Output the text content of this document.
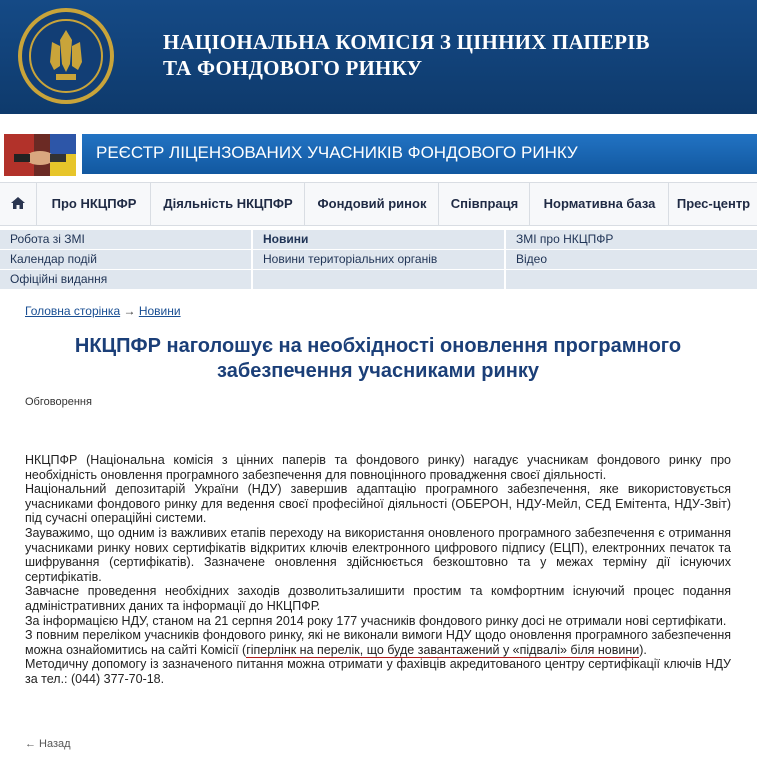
НАЦІОНАЛЬНА КОМІСІЯ З ЦІННИХ ПАПЕРІВ
ТА ФОНДОВОГО РИНКУ
РЕЄСТР ЛІЦЕНЗОВАНИХ УЧАСНИКІВ ФОНДОВОГО РИНКУ
Про НКЦПФР	Діяльність НКЦПФР	Фондовий ринок	Співпраця	Нормативна база	Прес-центр
Робота зі ЗМІ	Новини	ЗМІ про НКЦПФР
Календар подій	Новини територіальних органів	Відео
Офіційні видання
Головна сторінка → Новини
НКЦПФР наголошує на необхідності оновлення програмного забезпечення учасниками ринку
Обговорення

НКЦПФР (Національна комісія з цінних паперів та фондового ринку) нагадує учасникам фондового ринку про необхідність оновлення програмного забезпечення для повноцінного провадження своєї діяльності.

Національний депозитарій України (НДУ) завершив адаптацію програмного забезпечення, яке використовується учасниками фондового ринку для ведення своєї професійної діяльності (ОБЕРОН, НДУ-Мейл, СЕД Емітента, НДУ-Звіт) під сучасні операційні системи.

Зауважимо, що одним із важливих етапів переходу на використання оновленого програмного забезпечення є отримання учасниками ринку нових сертифікатів відкритих ключів електронного цифрового підпису (ЕЦП), електронних печаток та шифрування (сертифікатів). Зазначене оновлення здійснюється безкоштовно та у межах терміну дії існуючих сертифікатів.

Завчасне проведення необхідних заходів дозволитьзалишити простим та комфортним існуючий процес подання адміністративних даних та інформації до НКЦПФР.

За інформацією НДУ, станом на 21 серпня 2014 року 177 учасників фондового ринку досі не отримали нові сертифікати.

З повним переліком учасників фондового ринку, які не виконали вимоги НДУ щодо оновлення програмного забезпечення можна ознайомитись на сайті Комісії (гіперлінк на перелік, що буде завантажений у «підвалі» біля новини).

Методичну допомогу із зазначеного питання можна отримати у фахівців акредитованого центру сертифікації ключів НДУ за тел.: (044) 377-70-18.

← Назад
